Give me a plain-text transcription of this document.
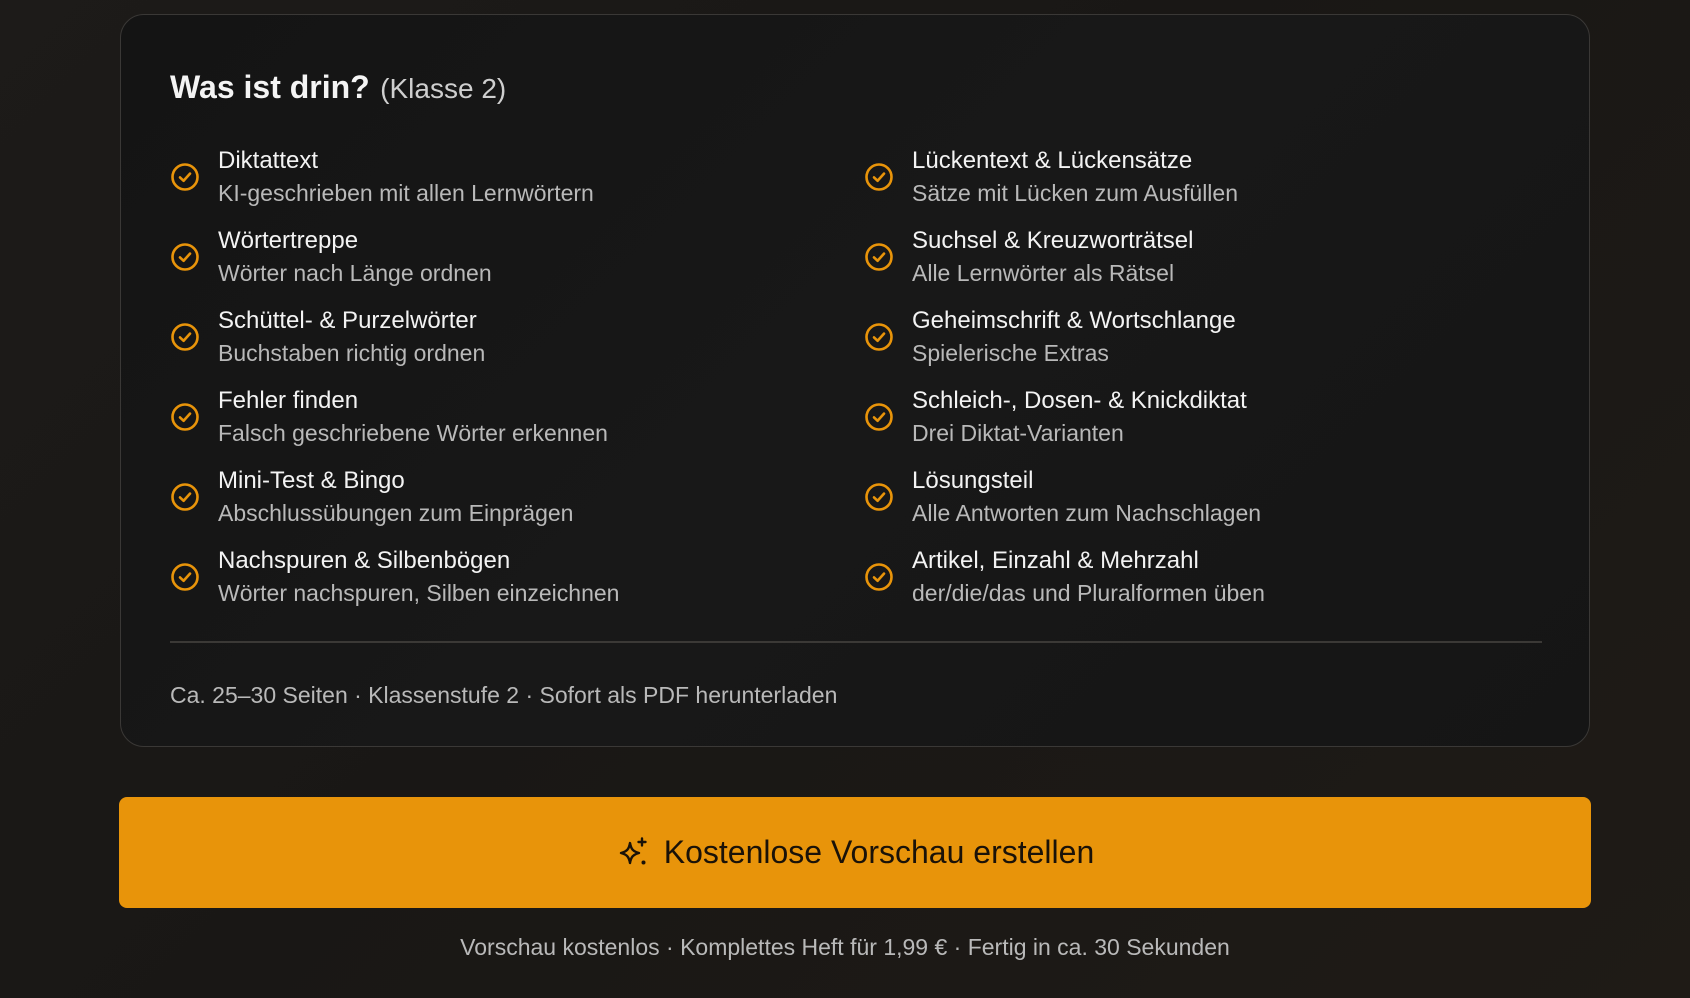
Was ist drin? (Klasse 2)
Diktattext
KI-geschrieben mit allen Lernwörtern
Lückentext & Lückensätze
Sätze mit Lücken zum Ausfüllen
Wörtertreppe
Wörter nach Länge ordnen
Suchsel & Kreuzworträtsel
Alle Lernwörter als Rätsel
Schüttel- & Purzelwörter
Buchstaben richtig ordnen
Geheimschrift & Wortschlange
Spielerische Extras
Fehler finden
Falsch geschriebene Wörter erkennen
Schleich-, Dosen- & Knickdiktat
Drei Diktat-Varianten
Mini-Test & Bingo
Abschlussübungen zum Einprägen
Lösungsteil
Alle Antworten zum Nachschlagen
Nachspuren & Silbenbögen
Wörter nachspuren, Silben einzeichnen
Artikel, Einzahl & Mehrzahl
der/die/das und Pluralformen üben
Ca. 25–30 Seiten · Klassenstufe 2 · Sofort als PDF herunterladen
Kostenlose Vorschau erstellen
Vorschau kostenlos · Komplettes Heft für 1,99 € · Fertig in ca. 30 Sekunden
